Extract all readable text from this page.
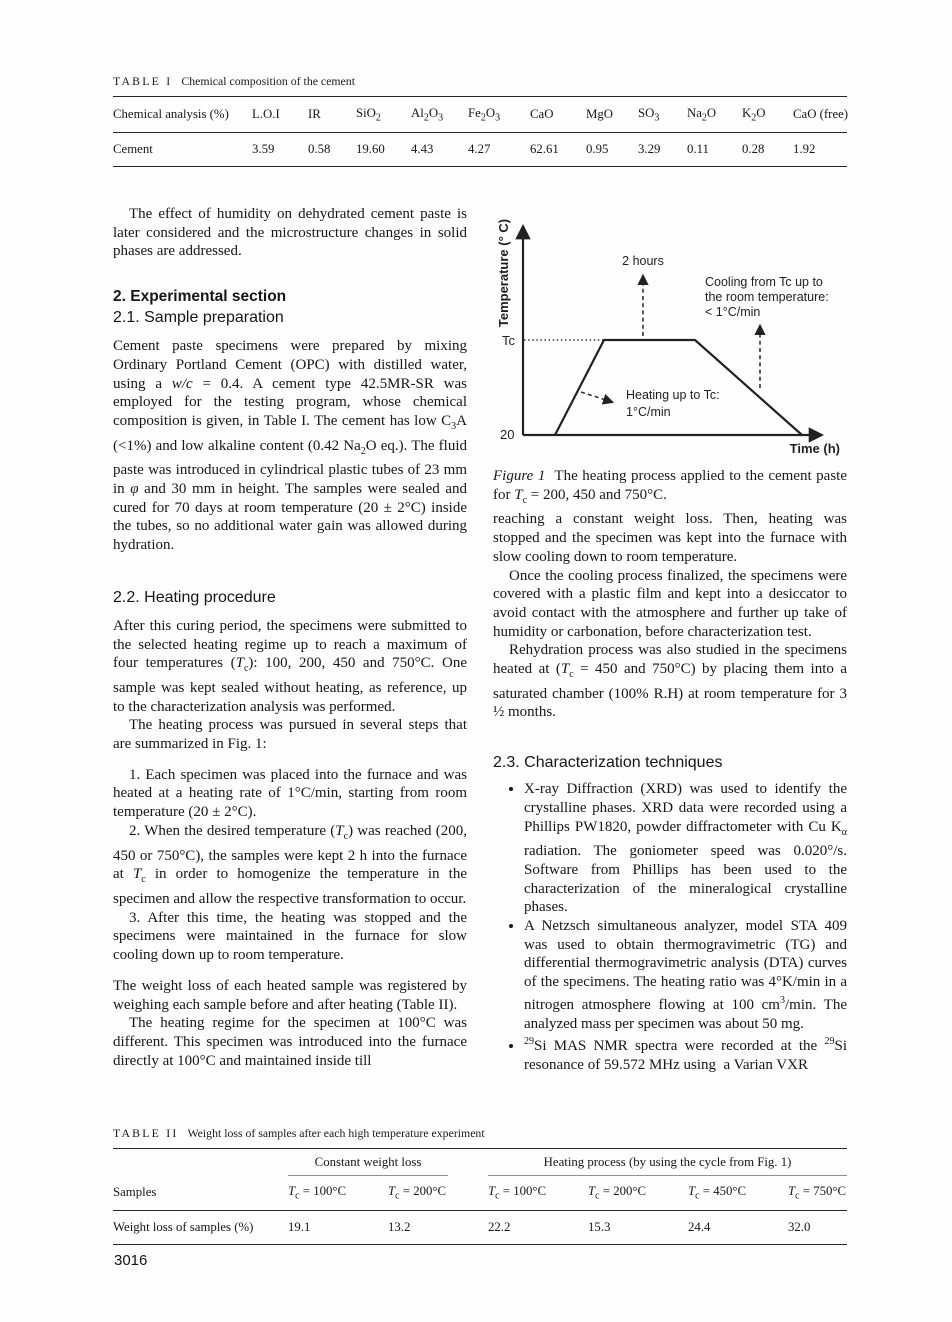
TABLE I Chemical composition of the cement

Chemical analysis (%)	L.O.I	IR	SiO$_2$	$Al_2O_3$	$Fe_2O_3$	CaO	MgO	$SO_3$	$Na_2O$	$K_2O$	CaO (free)
Cement	3.59	0.58	19.60	4.43	4.27	62.61	0.95	3.29	0.11	0.28	1.92

The effect of humidity on dehydrated cement paste is later considered and the microstructure changes in solid phases are addressed.

2. Experimental section
2.1. Sample preparation

Cement paste specimens were prepared by mixing Ordinary Portland Cement (OPC) with distilled water, using a w/c = 0.4. A cement type 42.5MR-SR was employed for the testing program, whose chemical composition is given, in Table I. The cement has low $C_3A$ (<1%) and low alkaline content (0.42 $Na_2O$ eq.). The fluid paste was introduced in cylindrical plastic tubes of 23 mm in φ and 30 mm in height. The samples were sealed and cured for 70 days at room temperature (20 ± 2°C) inside the tubes, so no additional water gain was allowed during hydration.

2.2. Heating procedure

After this curing period, the specimens were submitted to the selected heating regime up to reach a maximum of four temperatures $(T_c)$: 100, 200, 450 and 750°C. One sample was kept sealed without heating, as reference, up to the characterization analysis was performed.

The heating process was pursued in several steps that are summarized in Fig. 1:

1. Each specimen was placed into the furnace and was heated at a heating rate of 1°C/min, starting from room temperature (20 ± 2°C).

2. When the desired temperature $(T_c)$ was reached (200, 450 or 750°C), the samples were kept 2 h into the furnace at $T_c$ in order to homogenize the temperature in the specimen and allow the respective transformation to occur.

3. After this time, the heating was stopped and the specimens were maintained in the furnace for slow cooling down up to room temperature.

The weight loss of each heated sample was registered by weighing each sample before and after heating (Table II).

The heating regime for the specimen at 100°C was different. This specimen was introduced into the furnace directly at 100°C and maintained inside till

Temperature (° C)
Time (h)
Tc
20
2 hours
Cooling from Tc up to
the room temperature:
< 1°C/min
Heating up to Tc:
1°C/min

Figure 1  The heating process applied to the cement paste for $T_c = 200$, 450 and 750°C.

reaching a constant weight loss. Then, heating was stopped and the specimen was kept into the furnace with slow cooling down to room temperature.

Once the cooling process finalized, the specimens were covered with a plastic film and kept into a desiccator to avoid contact with the atmosphere and further up take of humidity or carbonation, before characterization test.

Rehydration process was also studied in the specimens heated at ($T_c = 450$ and 750°C) by placing them into a saturated chamber (100% R.H) at room temperature for 3 ½ months.

2.3. Characterization techniques
• X-ray Diffraction (XRD) was used to identify the crystalline phases. XRD data were recorded using a Phillips PW1820, powder diffractometer with Cu $K_\alpha$ radiation. The goniometer speed was 0.020°/s. Software from Phillips has been used to the characterization of the mineralogical crystalline phases.
• A Netzsch simultaneous analyzer, model STA 409 was used to obtain thermogravimetric (TG) and differential thermogravimetric analysis (DTA) curves of the specimens. The heating ratio was 4°K/min in a nitrogen atmosphere flowing at 100 $cm^3/\min$. The analyzed mass per specimen was about 50 mg.
• $^{29}$Si MAS NMR spectra were recorded at the $^{29}$Si resonance of 59.572 MHz using  a Varian VXR

TABLE II Weight loss of samples after each high temperature experiment

	Constant weight loss		Heating process (by using the cycle from Fig. 1)			

Samples	$T_c = 100^\circ C$	$T_c = 200^\circ C$	$T_c = 100^\circ C$	$T_c = 200^\circ C$	$T_c = 450^\circ C$	$T_c = 750^\circ C$
Weight loss of samples (%)	19.1	13.2	22.2	15.3	24.4	32.0
3016
